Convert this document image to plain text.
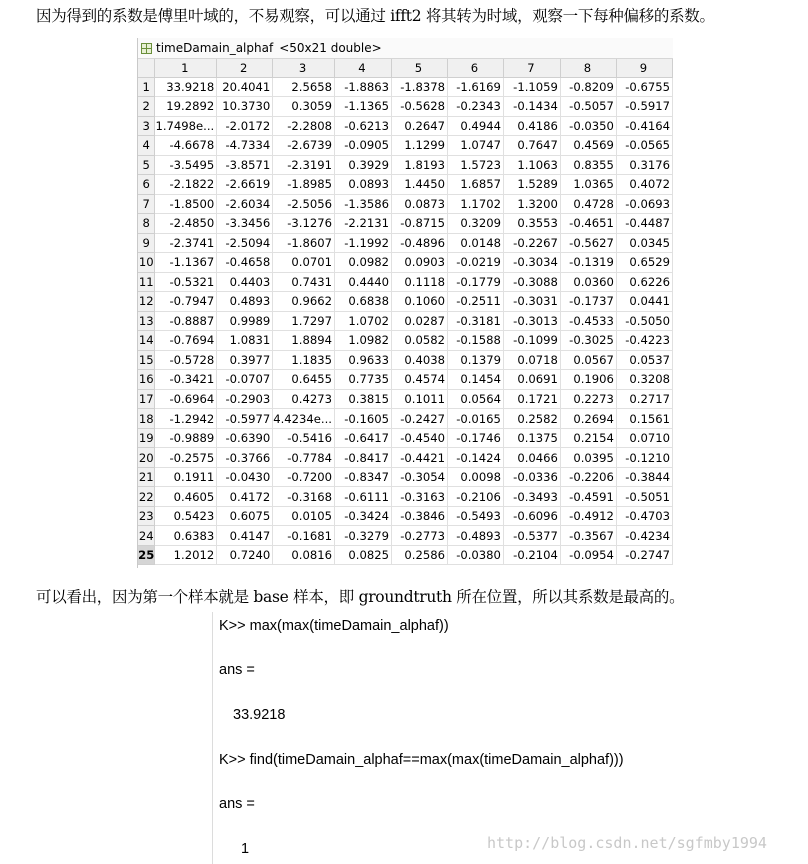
因为得到的系数是傅里叶域的，不易观察，可以通过 ifft2 将其转为时域，观察一下每种偏移的系数。
timeDamain_alphaf <50x21 double>
	1	2	3	4	5	6	7	8	9
1	33.9218	20.4041	2.5658	-1.8863	-1.8378	-1.6169	-1.1059	-0.8209	-0.6755
2	19.2892	10.3730	0.3059	-1.1365	-0.5628	-0.2343	-0.1434	-0.5057	-0.5917
3	1.7498e...	-2.0172	-2.2808	-0.6213	0.2647	0.4944	0.4186	-0.0350	-0.4164
4	-4.6678	-4.7334	-2.6739	-0.0905	1.1299	1.0747	0.7647	0.4569	-0.0565
5	-3.5495	-3.8571	-2.3191	0.3929	1.8193	1.5723	1.1063	0.8355	0.3176
6	-2.1822	-2.6619	-1.8985	0.0893	1.4450	1.6857	1.5289	1.0365	0.4072
7	-1.8500	-2.6034	-2.5056	-1.3586	0.0873	1.1702	1.3200	0.4728	-0.0693
8	-2.4850	-3.3456	-3.1276	-2.2131	-0.8715	0.3209	0.3553	-0.4651	-0.4487
9	-2.3741	-2.5094	-1.8607	-1.1992	-0.4896	0.0148	-0.2267	-0.5627	0.0345
10	-1.1367	-0.4658	0.0701	0.0982	0.0903	-0.0219	-0.3034	-0.1319	0.6529
11	-0.5321	0.4403	0.7431	0.4440	0.1118	-0.1779	-0.3088	0.0360	0.6226
12	-0.7947	0.4893	0.9662	0.6838	0.1060	-0.2511	-0.3031	-0.1737	0.0441
13	-0.8887	0.9989	1.7297	1.0702	0.0287	-0.3181	-0.3013	-0.4533	-0.5050
14	-0.7694	1.0831	1.8894	1.0982	0.0582	-0.1588	-0.1099	-0.3025	-0.4223
15	-0.5728	0.3977	1.1835	0.9633	0.4038	0.1379	0.0718	0.0567	0.0537
16	-0.3421	-0.0707	0.6455	0.7735	0.4574	0.1454	0.0691	0.1906	0.3208
17	-0.6964	-0.2903	0.4273	0.3815	0.1011	0.0564	0.1721	0.2273	0.2717
18	-1.2942	-0.5977	4.4234e...	-0.1605	-0.2427	-0.0165	0.2582	0.2694	0.1561
19	-0.9889	-0.6390	-0.5416	-0.6417	-0.4540	-0.1746	0.1375	0.2154	0.0710
20	-0.2575	-0.3766	-0.7784	-0.8417	-0.4421	-0.1424	0.0466	0.0395	-0.1210
21	0.1911	-0.0430	-0.7200	-0.8347	-0.3054	0.0098	-0.0336	-0.2206	-0.3844
22	0.4605	0.4172	-0.3168	-0.6111	-0.3163	-0.2106	-0.3493	-0.4591	-0.5051
23	0.5423	0.6075	0.0105	-0.3424	-0.3846	-0.5493	-0.6096	-0.4912	-0.4703
24	0.6383	0.4147	-0.1681	-0.3279	-0.2773	-0.4893	-0.5377	-0.3567	-0.4234
25	1.2012	0.7240	0.0816	0.0825	0.2586	-0.0380	-0.2104	-0.0954	-0.2747
可以看出，因为第一个样本就是 base 样本，即 groundtruth 所在位置，所以其系数是最高的。
K>> max(max(timeDamain_alphaf))
ans =
33.9218
K>> find(timeDamain_alphaf==max(max(timeDamain_alphaf)))
ans =
1	http://blog.csdn.net/sgfmby1994
